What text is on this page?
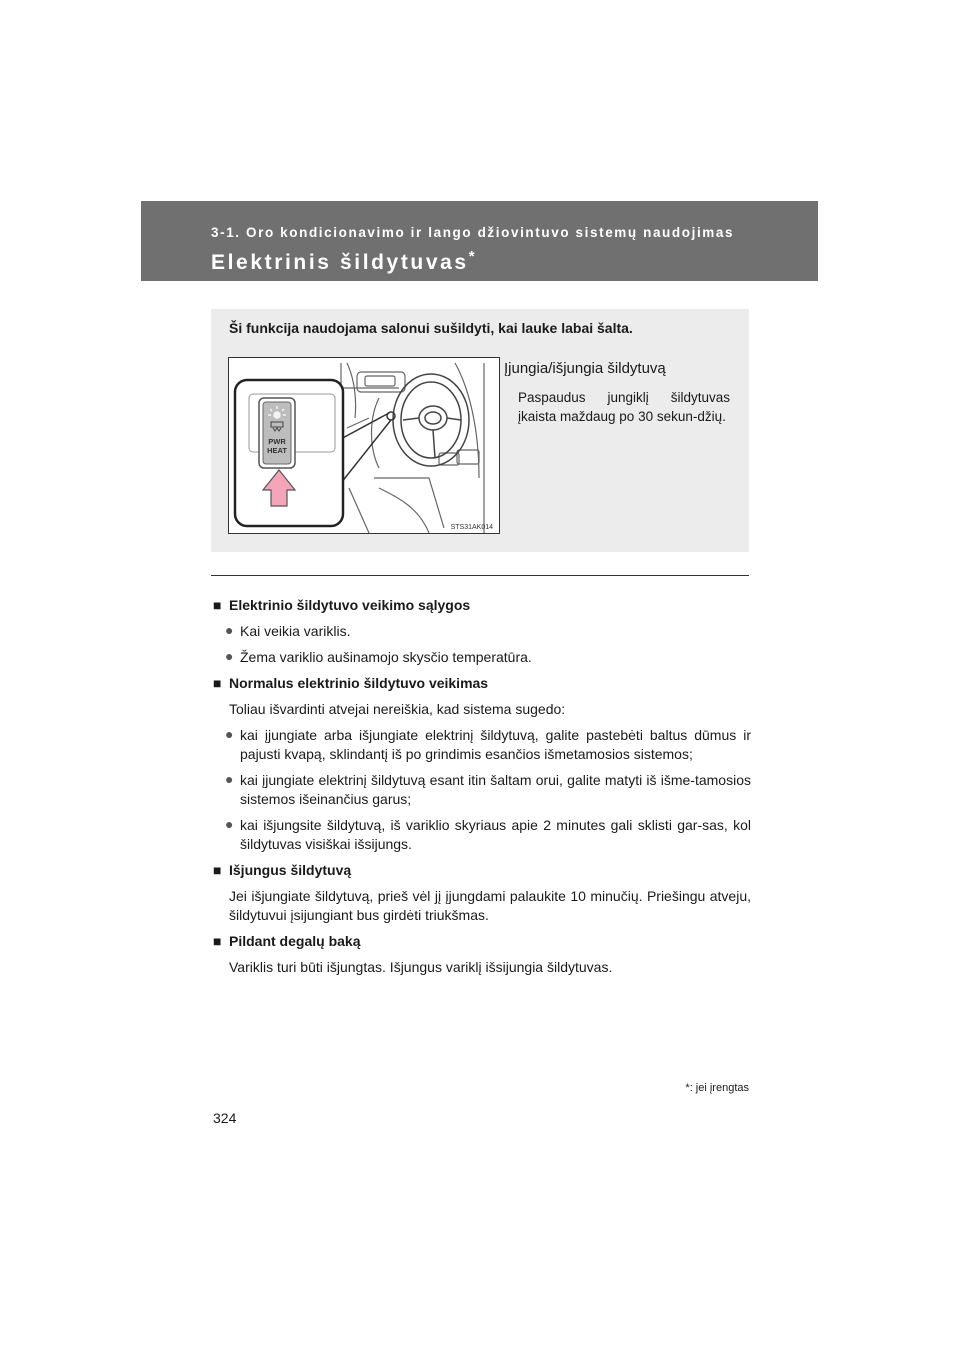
3-1. Oro kondicionavimo ir lango džiovintuvo sistemų naudojimas
Elektrinis šildytuvas*
Ši funkcija naudojama salonui sušildyti, kai lauke labai šalta.
PWR
HEAT
STS31AK014
Įjungia/išjungia šildytuvą
Paspaudus jungiklį šildytuvas įkaista maždaug po 30 sekun-džių.
■ Elektrinio šildytuvo veikimo sąlygos
● Kai veikia variklis.
● Žema variklio aušinamojo skysčio temperatūra.
■ Normalus elektrinio šildytuvo veikimas
Toliau išvardinti atvejai nereiškia, kad sistema sugedo:
● kai įjungiate arba išjungiate elektrinį šildytuvą, galite pastebėti baltus dūmus ir pajusti kvapą, sklindantį iš po grindimis esančios išmetamosios sistemos;
● kai įjungiate elektrinį šildytuvą esant itin šaltam orui, galite matyti iš išme-tamosios sistemos išeinančius garus;
● kai išjungsite šildytuvą, iš variklio skyriaus apie 2 minutes gali sklisti gar-sas, kol šildytuvas visiškai išsijungs.
■ Išjungus šildytuvą
Jei išjungiate šildytuvą, prieš vėl jį įjungdami palaukite 10 minučių. Priešingu atveju, šildytuvui įsijungiant bus girdėti triukšmas.
■ Pildant degalų baką
Variklis turi būti išjungtas. Išjungus variklį išsijungia šildytuvas.
*: jei įrengtas
324
